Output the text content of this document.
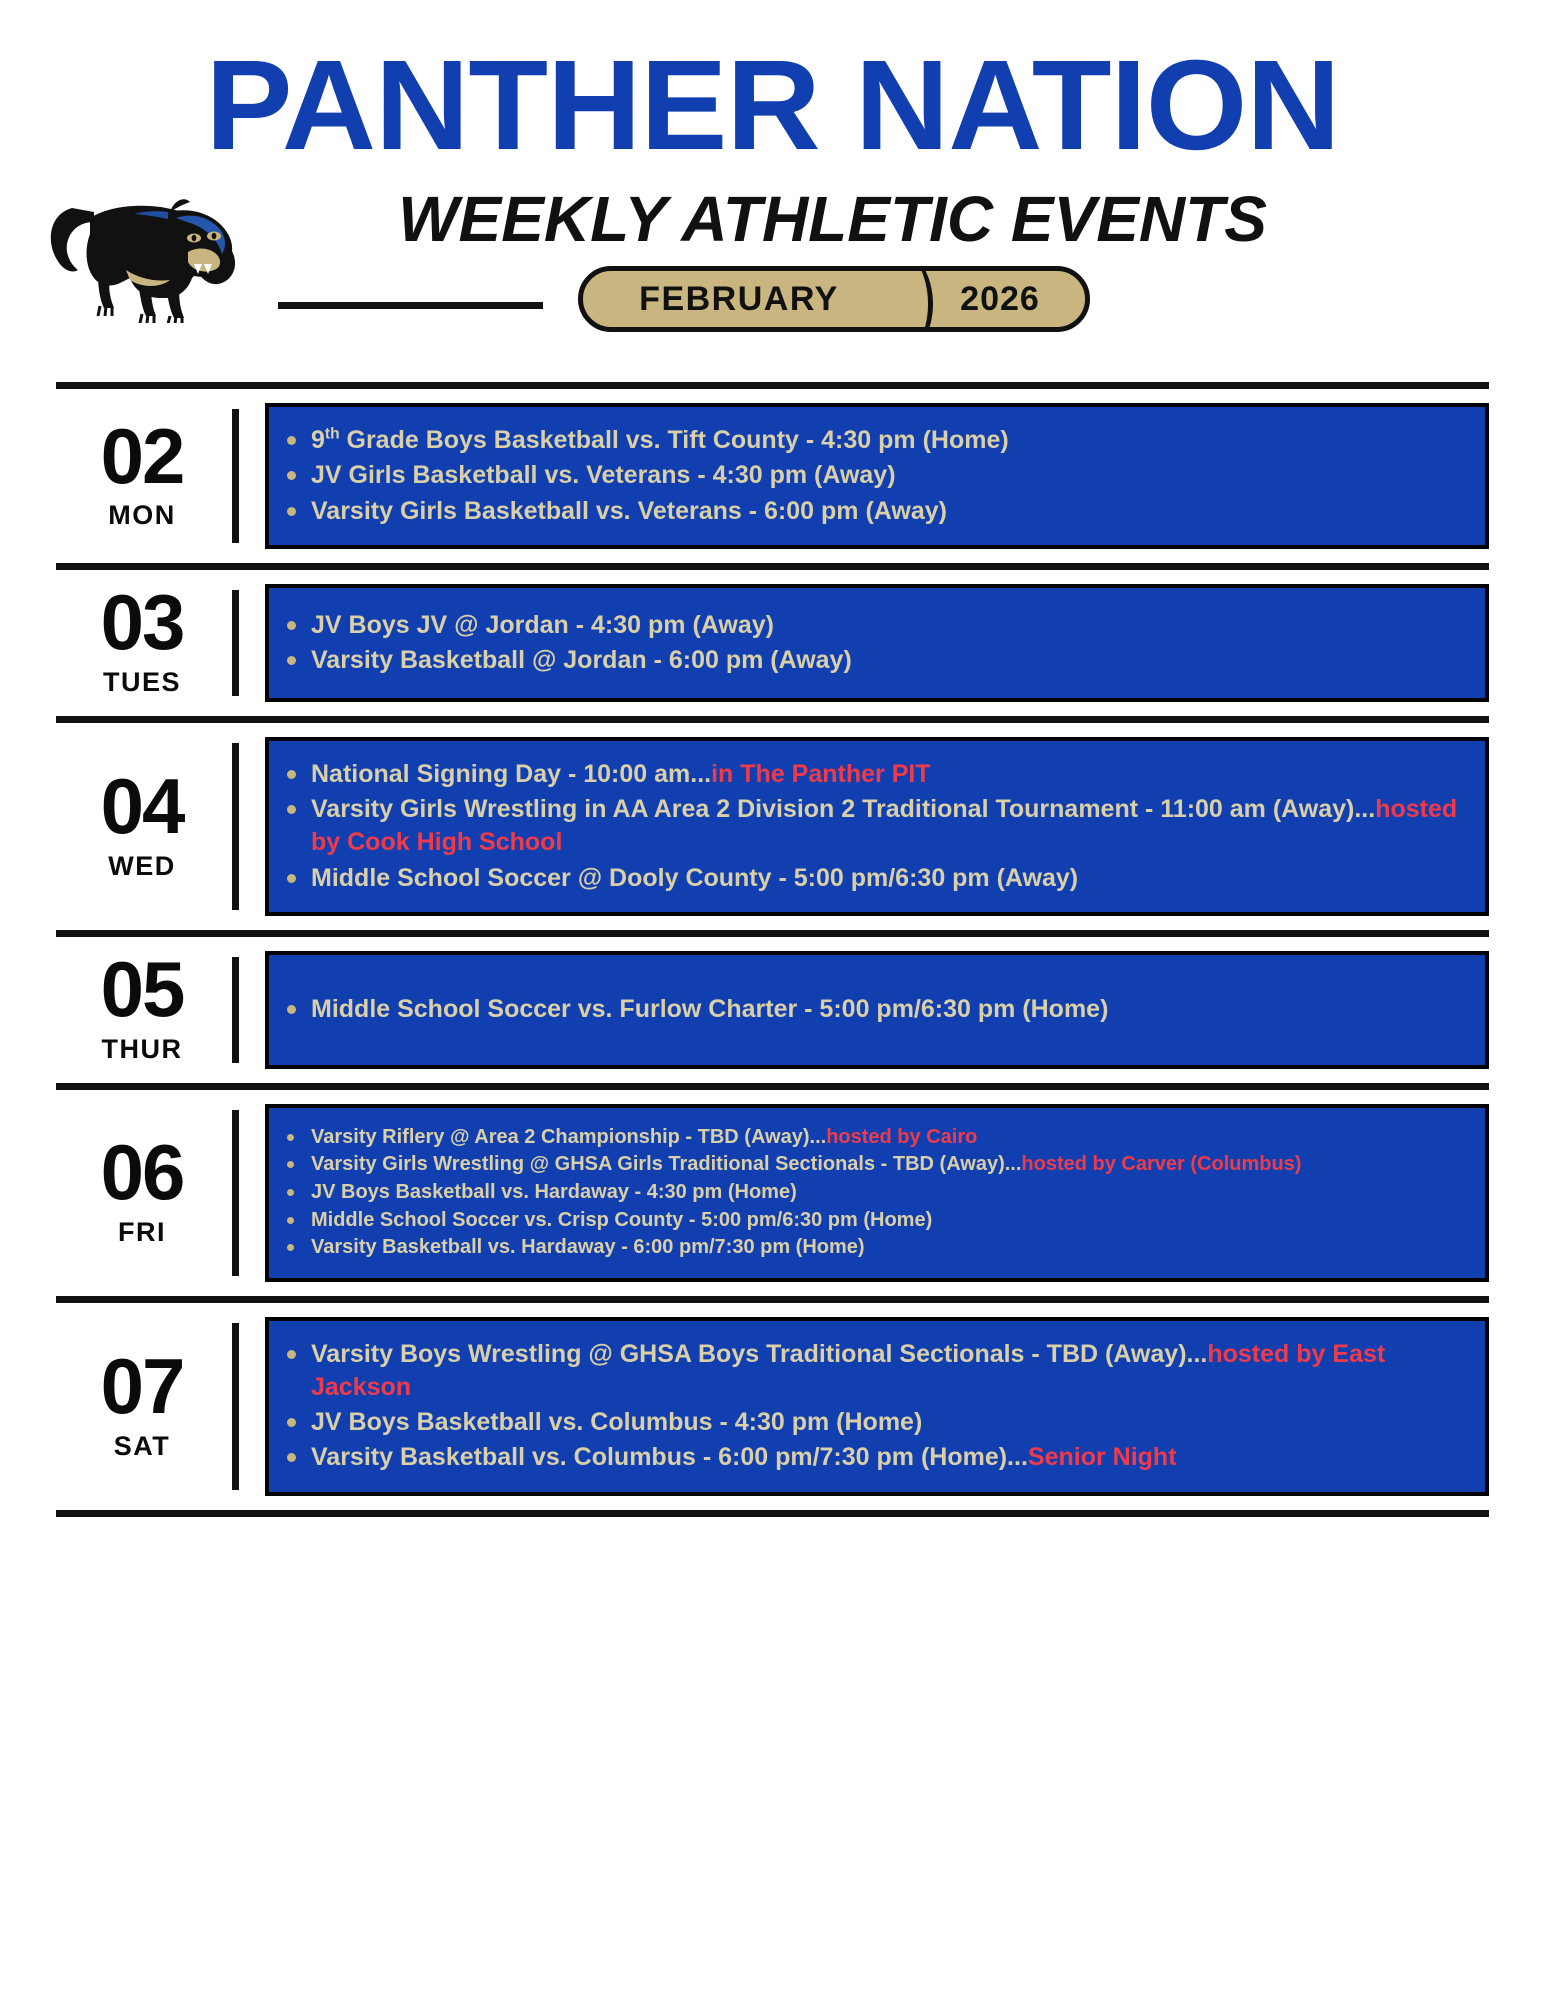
PANTHER NATION
WEEKLY ATHLETIC EVENTS
FEBRUARY	2026
02
MON
9th Grade Boys Basketball vs. Tift County - 4:30 pm (Home)
JV Girls Basketball vs. Veterans - 4:30 pm (Away)
Varsity Girls Basketball vs. Veterans - 6:00 pm (Away)
03
TUES
JV Boys JV @ Jordan - 4:30 pm (Away)
Varsity Basketball @ Jordan - 6:00 pm (Away)
04
WED
National Signing Day - 10:00 am...in The Panther PIT
Varsity Girls Wrestling in AA Area 2 Division 2 Traditional Tournament - 11:00 am (Away)...hosted by Cook High School
Middle School Soccer @ Dooly County - 5:00 pm/6:30 pm (Away)
05
THUR
Middle School Soccer vs. Furlow Charter - 5:00 pm/6:30 pm (Home)
06
FRI
Varsity Riflery @ Area 2 Championship - TBD (Away)...hosted by Cairo
Varsity Girls Wrestling @ GHSA Girls Traditional Sectionals - TBD (Away)...hosted by Carver (Columbus)
JV Boys Basketball vs. Hardaway - 4:30 pm (Home)
Middle School Soccer vs. Crisp County - 5:00 pm/6:30 pm (Home)
Varsity Basketball vs. Hardaway - 6:00 pm/7:30 pm (Home)
07
SAT
Varsity Boys Wrestling @ GHSA Boys Traditional Sectionals - TBD (Away)...hosted by East Jackson
JV Boys Basketball vs. Columbus - 4:30 pm (Home)
Varsity Basketball vs. Columbus - 6:00 pm/7:30 pm (Home)...Senior Night
